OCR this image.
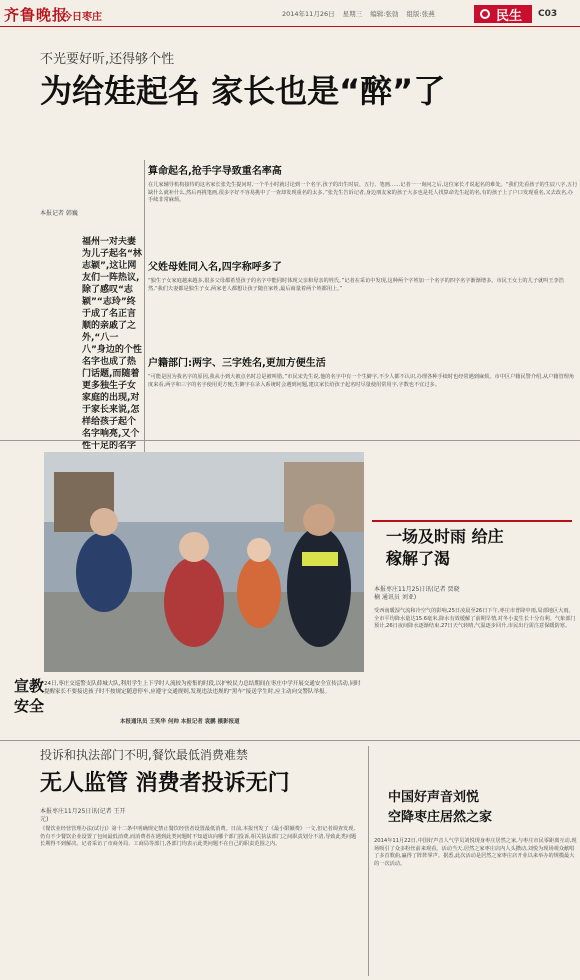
齐鲁晚报
今日枣庄	2014年11月26日 星期三 编辑:张勍 组版:张燕	民生 C03
不光要好听,还得够个性
为给娃起名 家长也是“醉”了
算命起名,抢手字导致重名率高
本报记者 韩巍
福州一对夫妻为儿子起名“林志颖”,这让网友们一阵热议,除了感叹“志颖”“志玲”终于成了名正言顺的亲戚了之外,“八一八”身边的个性名字也成了热门话题,而随着更多独生子女家庭的出现,对于家长来说,怎样给孩子起个名字响亮,又个性十足的名字
在儿家辅导机构接待的这名家长张先生提问时,一个半小时就讨论到一个名字,孩子的出生时辰、五行、笔画……记者一一询问之后,这位家长才说起名的难处。“我们先看孩子的生辰八字,五行缺什么就补什么,然后再挑笔画,很多字好不容易挑中了一查却发现重名的太多。”张先生告诉记者,身边朋友家的孩子大多也是托人找算命先生起的名,有的孩子上了户口发现重名,又去改名,办手续非常麻烦。
父姓母姓同入名,四字称呼多了
“独生子女家庭越来越多,很多父母都希望孩子的名字中能同时体现父亲和母亲的姓氏。”记者在采访中发现,这种两个字姓加一个名字的四字名字渐渐增多。市民王女士的儿子就叫王李浩然,“我们夫妻都是独生子女,两家老人都想让孩子随自家姓,最后商量着两个姓都用上。”
户籍部门:两字、三字姓名,更加方便生活
“可能是因为我名字的原因,我从小到大被点名时总是被叫错。”市民宋先生说,他的名字中有一个生僻字,不少人都不认识,办理各种手续时也经常遇到麻烦。市中区户籍民警介绍,从户籍管理角度来看,两字和三字的名字使用更方便,生僻字在录入系统时会遇到问题,建议家长给孩子起名时尽量使用常用字,字数也不宜过多。
宣教安全
24日,枣庄交巡警支队薛城大队,利用学生上下学时人流较为密集的时段,以护校民力总结期间在枣庄中学开展交通安全宣传活动,同时提醒家长不要接送孩子时不按规定随意停车,应遵守交通规则,发现违法违规的“黑车”接送学生时,应主动向交警队举报。
本报通讯员 王笑华 何帅 本报记者 袁鹏 摄影报道
一场及时雨 给庄稼解了渴
本报枣庄11月25日讯(记者 贾晓楠 通讯员 刘亚)
受西南暖湿气流和冷空气的影响,25日凌晨至26日下午,枣庄市普降中雨,局部地区大雨。全市平均降水量达15.6毫米,降水有效缓解了前期旱情,对冬小麦生长十分有利。气象部门预计,26日夜间降水逐渐结束,27日天气转晴,气温逐步回升,市民出行需注意保暖防寒。
投诉和执法部门不明,餐饮最低消费难禁
无人监管 消费者投诉无门
本报枣庄11月25日讯(记者 王开元)
《餐饮业经营管理办法(试行)》第十二条中明确规定禁止餐饮经营者设置最低消费。日前,本报刊发了《最小限额费》一文,但记者调查发现,仍有不少餐饮企业设置了包间最低消费,而消费者在遇到此类问题时不知道该向哪个部门投诉,相关执法部门之间职责划分不清,导致此类问题长期得不到解决。记者采访了市商务局、工商局等部门,各部门均表示此类问题不在自己的职责范围之内。
中国好声音刘悦
空降枣庄居然之家
2014年11月22日,中国好声音人气学员刘悦现身枣庄居然之家,与枣庄市民零距离互动,现场吸引了众多粉丝前来观看。活动当天,居然之家枣庄店内人头攒动,刘悦为现场观众献唱了多首歌曲,赢得了阵阵掌声。据悉,此次活动是居然之家枣庄店开业以来举办的规模最大的一次活动。
